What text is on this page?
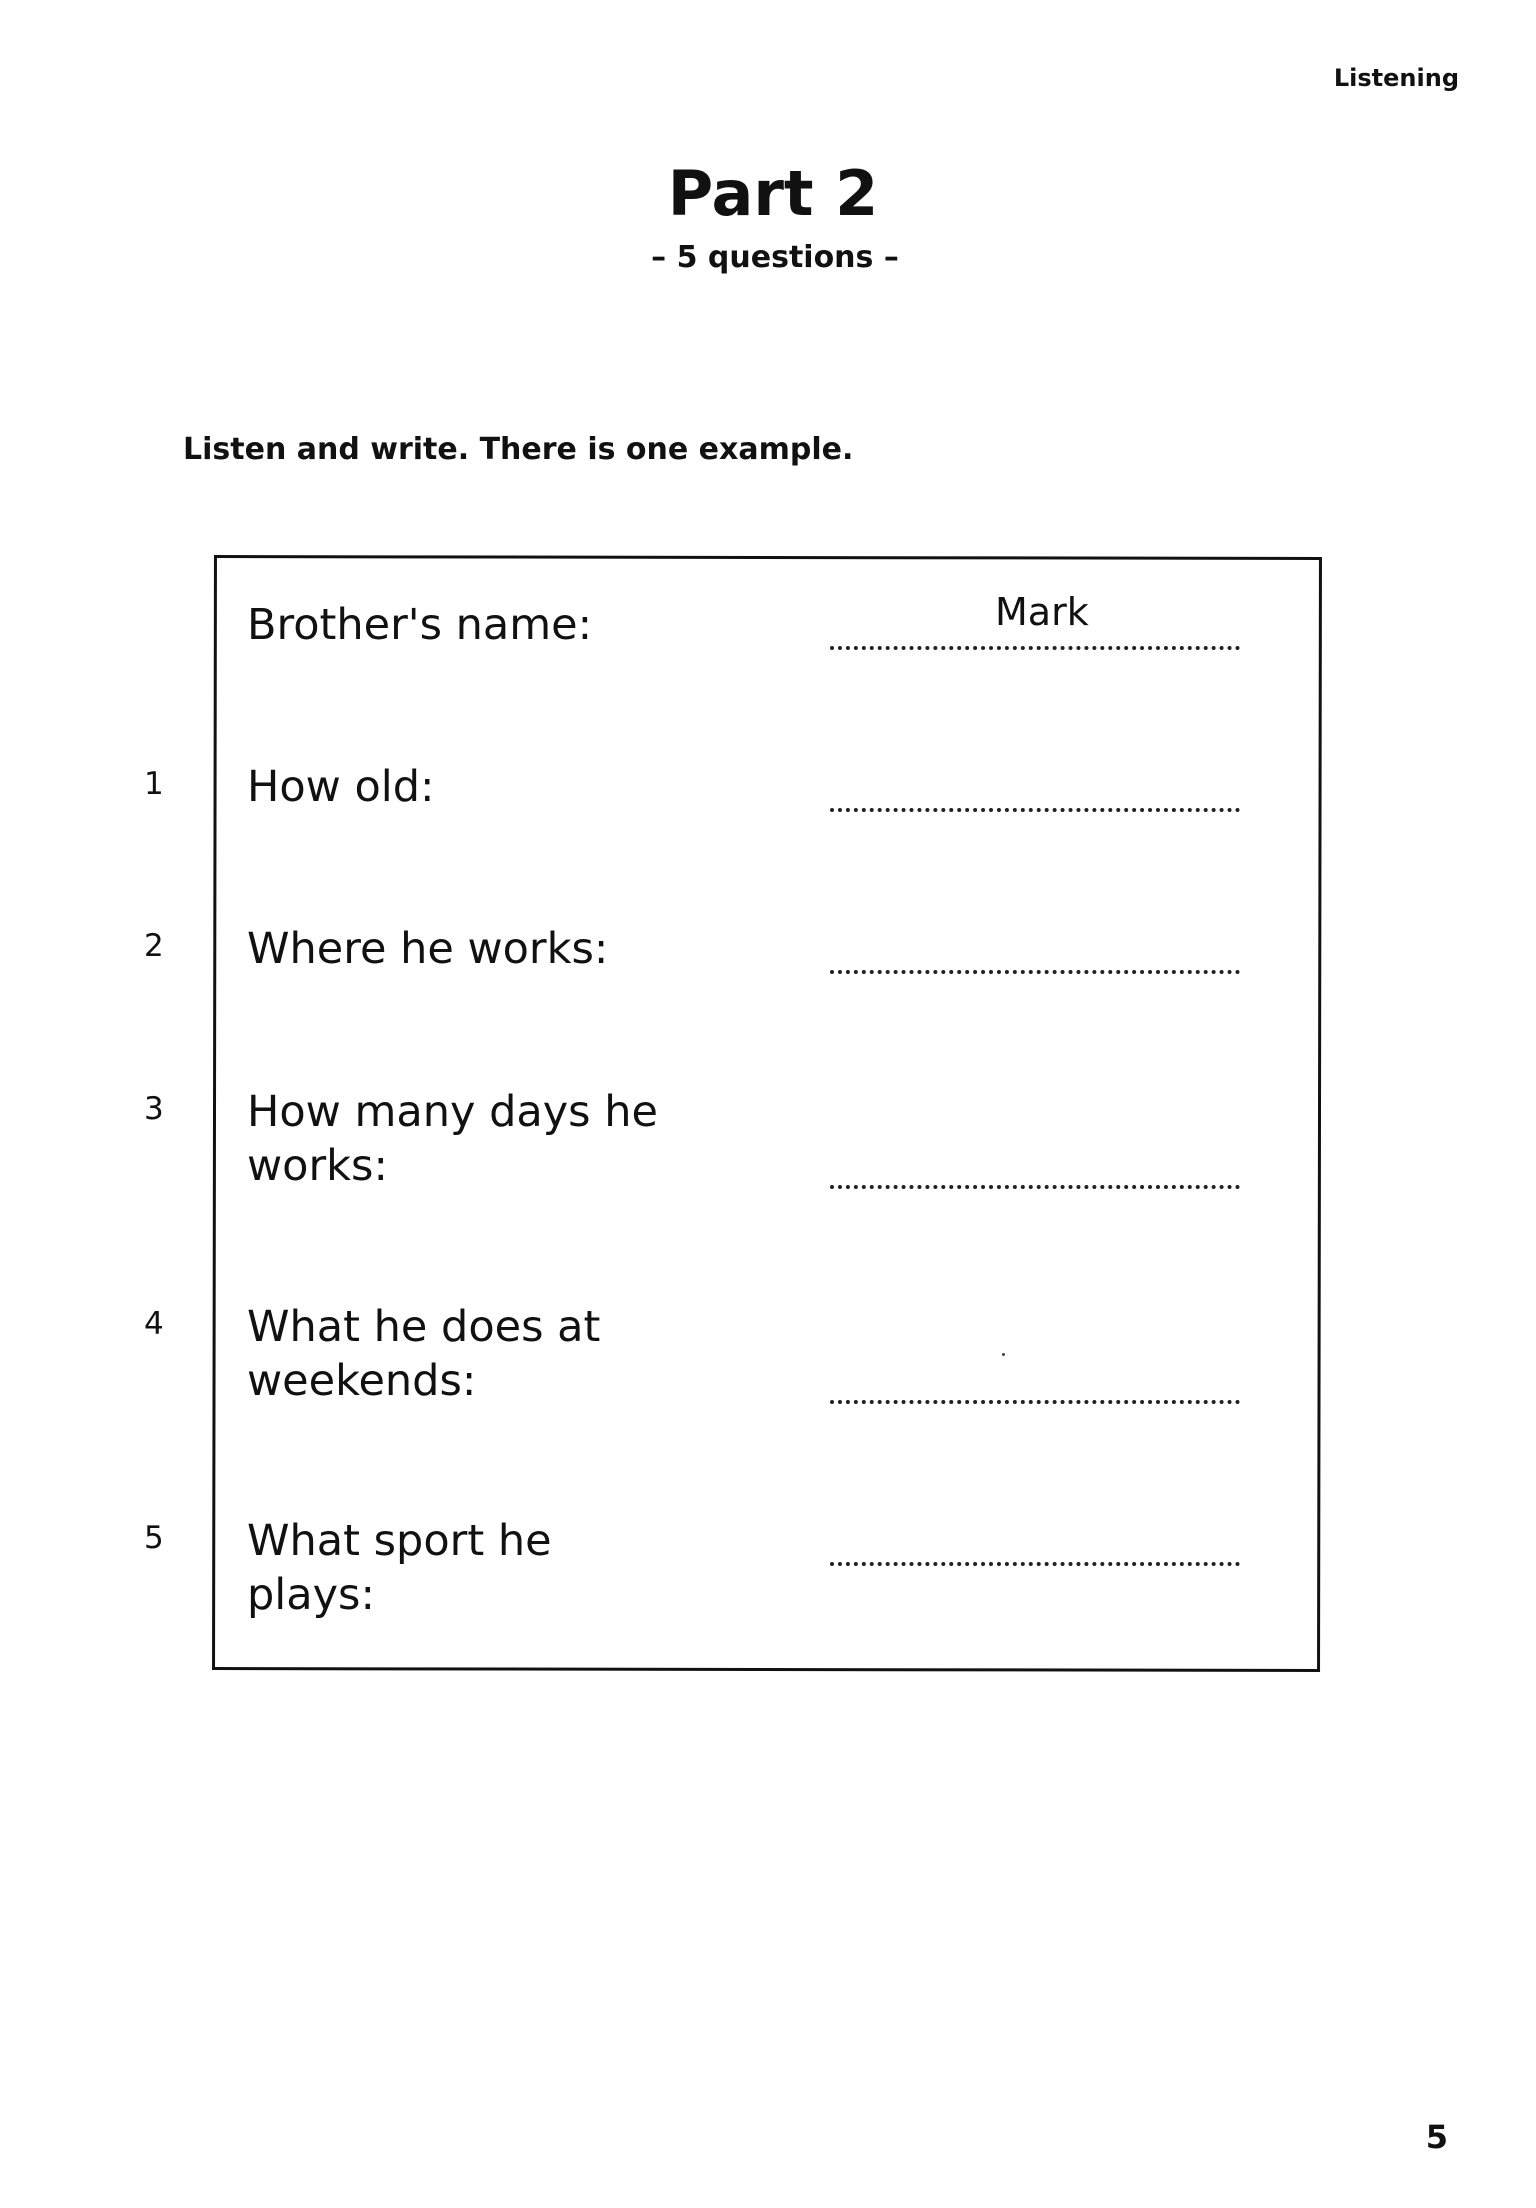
Listening

Part 2

– 5 questions –

Listen and write. There is one example.

Brother's name:	Mark
1 How old:

2 Where he works:

3 How many days he works:

4 What he does at weekends:

5 What sport he plays:

5
